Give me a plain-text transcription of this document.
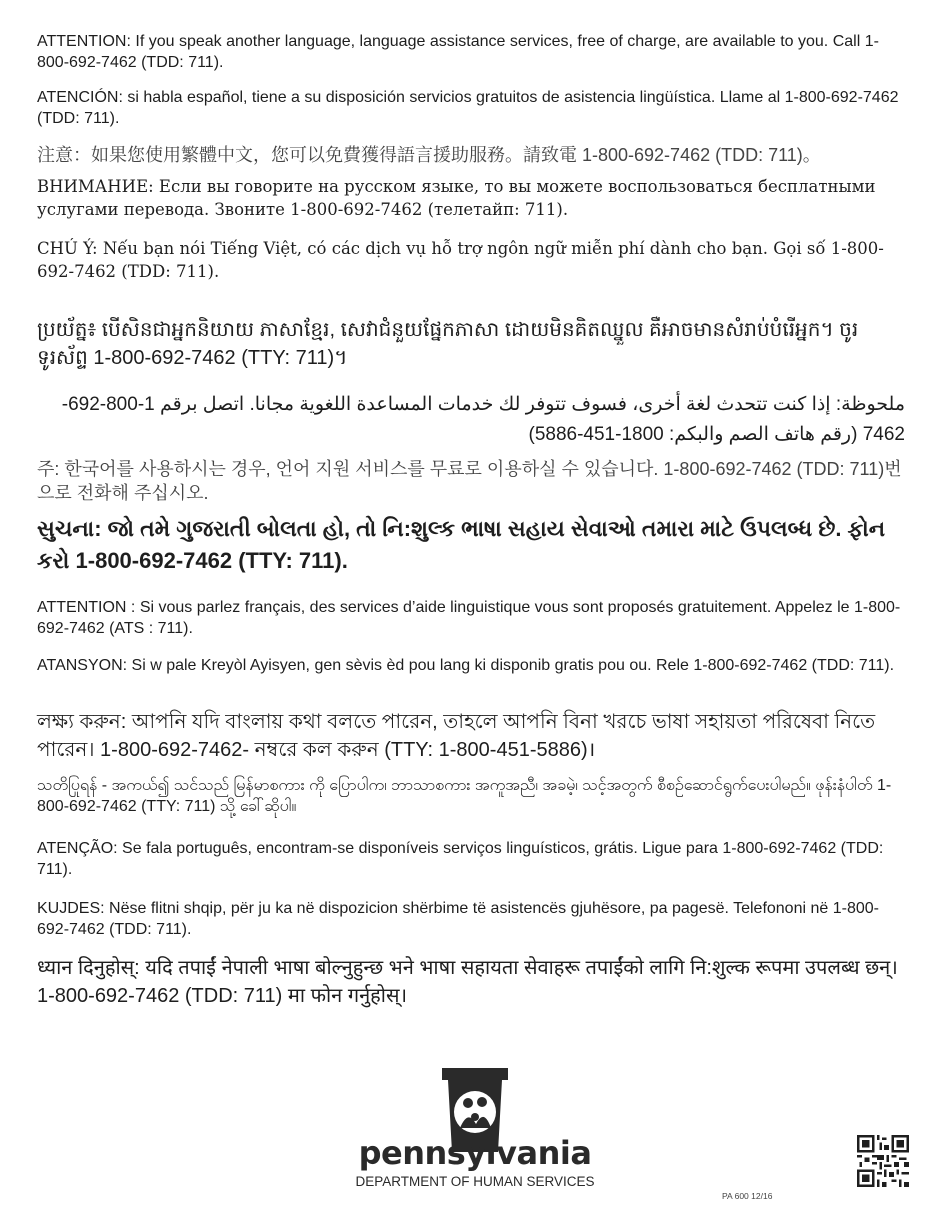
ATTENTION: If you speak another language, language assistance services, free of charge, are available to you. Call 1-800-692-7462 (TDD: 711).

ATENCIÓN: si habla español, tiene a su disposición servicios gratuitos de asistencia lingüística. Llame al 1-800-692-7462 (TDD: 711).

注意：如果您使用繁體中文，您可以免費獲得語言援助服務。請致電 1-800-692-7462 (TDD: 711)。

ВНИМАНИЕ: Если вы говорите на русском языке, то вы можете воспользоваться бесплатными услугами перевода. Звоните 1-800-692-7462 (телетайп: 711).

CHÚ Ý: Nếu bạn nói Tiếng Việt, có các dịch vụ hỗ trợ ngôn ngữ miễn phí dành cho bạn. Gọi số 1-800-692-7462 (TDD: 711).

ប្រយ័ត្ន៖ បើសិនជាអ្នកនិយាយ ភាសាខ្មែរ, សេវាជំនួយផ្នែកភាសា ដោយមិនគិតឈ្នួល គឺអាចមានសំរាប់បំរើអ្នក។ ចូរ ទូរស័ព្ទ 1-800-692-7462 (TTY: 711)។

ملحوظة: إذا كنت تتحدث لغة أخرى، فسوف تتوفر لك خدمات المساعدة اللغوية مجانا. اتصل برقم 1-800-692-7462 (رقم هاتف الصم والبكم: 1800-451-5886)

주: 한국어를 사용하시는 경우, 언어 지원 서비스를 무료로 이용하실 수 있습니다. 1-800-692-7462 (TDD: 711)번으로 전화해 주십시오.

સુચના: જો તમે ગુજરાતી બોલતા હો, તો નિ:શુલ્ક ભાષા સહાય સેવાઓ તમારા માટે ઉપલબ્ધ છે. ફોન કરો 1-800-692-7462 (TTY: 711).

ATTENTION : Si vous parlez français, des services d’aide linguistique vous sont proposés gratuitement. Appelez le 1-800-692-7462 (ATS : 711).

ATANSYON: Si w pale Kreyòl Ayisyen, gen sèvis èd pou lang ki disponib gratis pou ou. Rele 1-800-692-7462 (TDD: 711).

লক্ষ্য করুন: আপনি যদি বাংলায় কথা বলতে পারেন, তাহলে আপনি বিনা খরচে ভাষা সহায়তা পরিষেবা নিতে পারেন। 1-800-692-7462- নম্বরে কল করুন (TTY: 1-800-451-5886)।

သတိပြုရန် - အကယ်၍ သင်သည် မြန်မာစကား ကို ပြောပါက၊ ဘာသာစကား အကူအညီ၊ အခမဲ့၊ သင့်အတွက် စီစဉ်ဆောင်ရွက်ပေးပါမည်။ ဖုန်းနံပါတ် 1-800-692-7462 (TTY: 711) သို့ ခေါ်ဆိုပါ။

ATENÇÃO: Se fala português, encontram-se disponíveis serviços linguísticos, grátis. Ligue para 1-800-692-7462 (TDD: 711).

KUJDES: Nëse flitni shqip, për ju ka në dispozicion shërbime të asistencës gjuhësore, pa pagesë. Telefononi në 1-800-692-7462 (TDD: 711).

ध्यान दिनुहोस्: यदि तपाईं नेपाली भाषा बोल्नुहुन्छ भने भाषा सहायता सेवाहरू तपाईंको लागि नि:शुल्क रूपमा उपलब्ध छन्। 1-800-692-7462 (TDD: 711) मा फोन गर्नुहोस्।

pennsylvania
DEPARTMENT OF HUMAN SERVICES
PA 600 12/16
